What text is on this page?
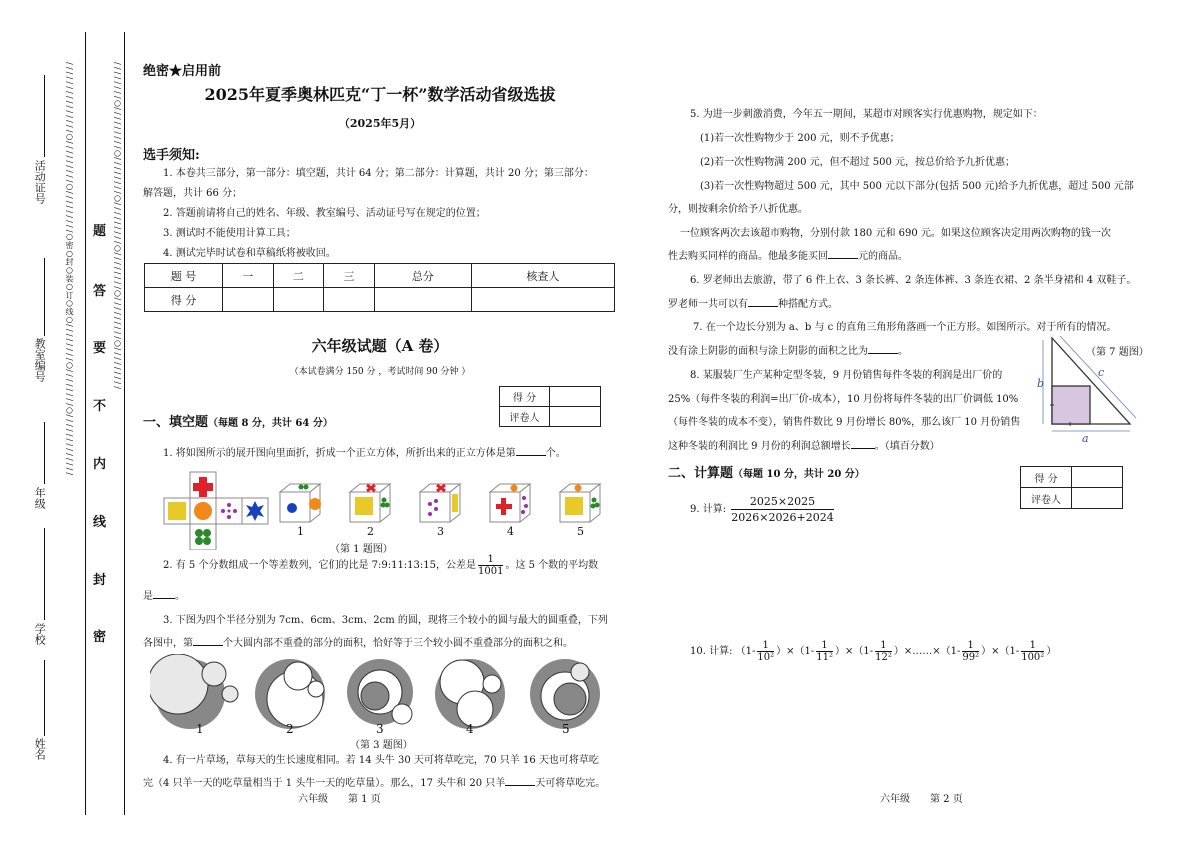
活动证号
教室编号
年级
学校
姓名
/ / / / / / / / / / / / / / /○/ / / / / / / / /○/ / / / / / / / /○密○封○装○订○线○/ / / / / / / /○/ / / / / / / /○/ / / / / / / / / / / / /
密
封
线
内
不
要
答
题 / / / / / / / /○/ / / / / / / / /○/ / / / / / / /○/ / / / / / / / /○/ / / / / / / /○/ / / / / / / / /○/ / / / / / / / / 绝密★启用前
2025年夏季奥林匹克“丁一杯”数学活动省级选拔
（2025年5月）
选手须知:
1. 本卷共三部分，第一部分：填空题，共计 64 分；第二部分：计算题，共计 20 分；第三部分：
解答题，共计 66 分；
2. 答题前请将自己的姓名、年级、教室编号、活动证号写在规定的位置；
3. 测试时不能使用计算工具；
4. 测试完毕时试卷和草稿纸将被收回。
题 号	一	二	三	总分	核查人
得 分					
六年级试题（A 卷）
（本试卷满分 150 分 ，考试时间 90 分钟 ）
得 分	
评卷人	
一、填空题（每题 8 分，共计 64 分）
1. 将如图所示的展开图向里面折，折成一个正立方体，所折出来的正立方体是第	个。
1	2	3	4	5
（第 1 题图）
2. 有 5 个分数组成一个等差数列，它们的比是 7:9:11:13:15，公差是 $\frac{1}{1001}$ 。这 5 个数的平均数
是 。
3. 下图为四个半径分别为 7cm、6cm、3cm、2cm 的圆，现将三个较小的圆与最大的圆重叠，下列
各图中，第	个大圆内部不重叠的部分的面积，恰好等于三个较小圆不重叠部分的面积之和。
1	2	3	4	5
（第 3 题图）
4. 有一片草场，草每天的生长速度相同。若 14 头牛 30 天可将草吃完，70 只羊 16 天也可将草吃
完（4 只羊一天的吃草量相当于 1 头牛一天的吃草量）。那么，17 头牛和 20 只羊	天可将草吃完。
六年级　　第 1 页
5. 为进一步刺激消费，今年五一期间，某超市对顾客实行优惠购物，规定如下：
(1)若一次性购物少于 200 元，则不予优惠；
(2)若一次性购物满 200 元，但不超过 500 元，按总价给予九折优惠；
(3)若一次性购物超过 500 元，其中 500 元以下部分(包括 500 元)给予九折优惠，超过 500 元部
分，则按剩余价给予八折优惠。
一位顾客两次去该超市购物，分别付款 180 元和 690 元。如果这位顾客决定用两次购物的钱一次
性去购买同样的商品。他最多能买回	元的商品。
6. 罗老师出去旅游，带了 6 件上衣、3 条长裤、2 条连体裤、3 条连衣裙、2 条半身裙和 4 双鞋子。
罗老师一共可以有	种搭配方式。
7. 在一个边长分别为 a、b 与 c 的直角三角形角落画一个正方形。如图所示。对于所有的情况。
没有涂上阴影的面积与涂上阴影的面积之比为	。	（第 7 题图）
b
c
a
8. 某服装厂生产某种定型冬装，9 月份销售每件冬装的利润是出厂价的
25%（每件冬装的利润=出厂价-成本），10 月份将每件冬装的出厂价调低 10%
（每件冬装的成本不变），销售件数比 9 月份增长 80%，那么该厂 10 月份销售
这种冬装的利润比 9 月份的利润总额增长 。（填百分数）
二、计算题（每题 10 分，共计 20 分）	得 分	
评卷人	
9. 计算: $\frac{2025\times 2025}{2026\times 2026+2024}$
10. 计算: $(1- \frac{1}{\text{10²}} )\times(1- \frac{1}{\text{11²}} )\times(1- \frac{1}{\text{12²}}$ ）×……×（1- $\frac{1}{\text{99²}} )\times(1- \frac{1}{\text{100²}}$ ）
六年级　　第 2 页
